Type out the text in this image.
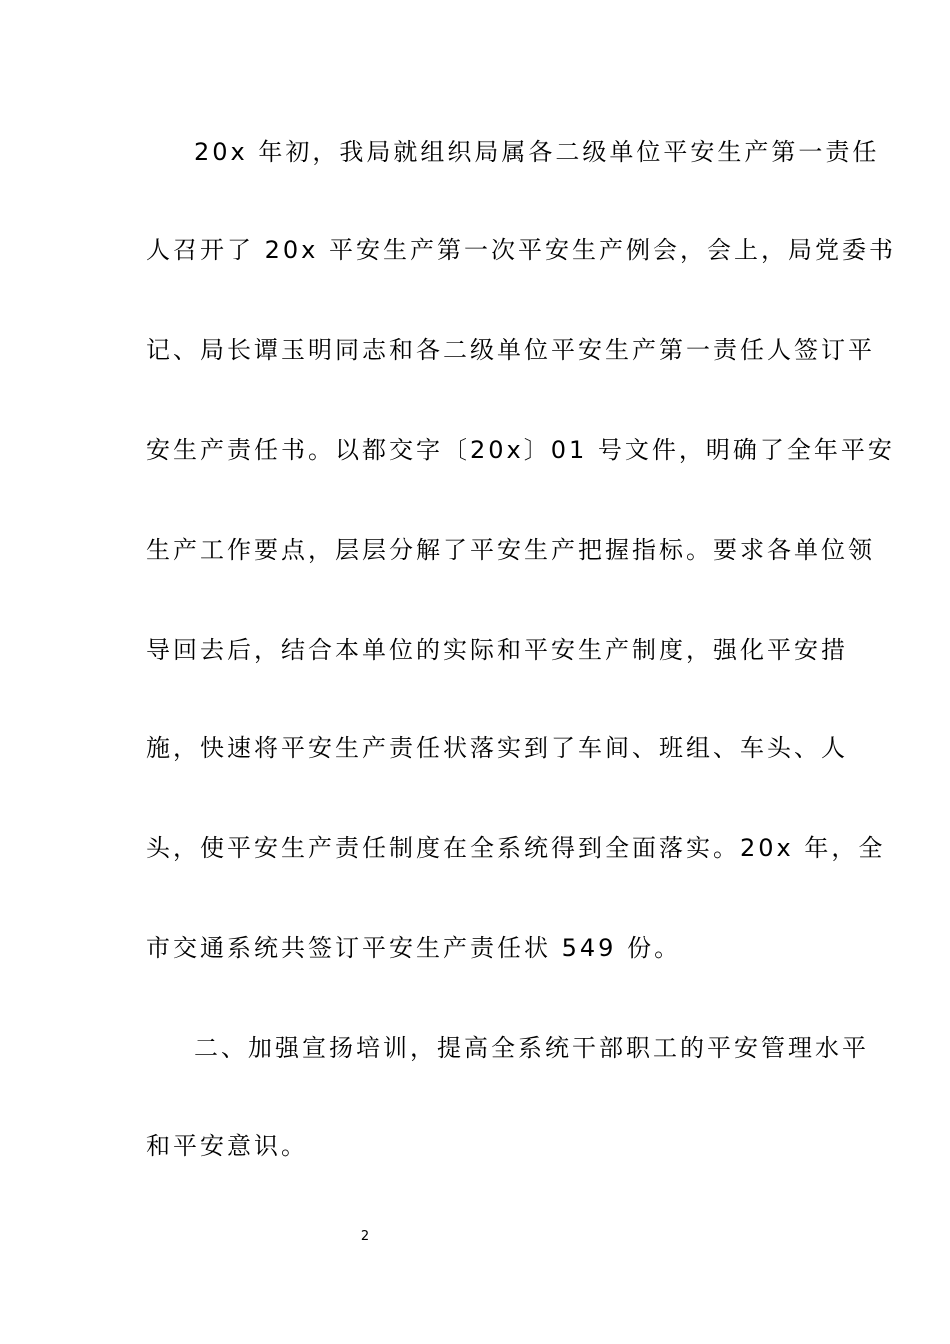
20x 年初，我局就组织局属各二级单位平安生产第一责任
人召开了 20x 平安生产第一次平安生产例会，会上，局党委书
记、局长谭玉明同志和各二级单位平安生产第一责任人签订平
安生产责任书。以都交字〔20x〕01 号文件，明确了全年平安
生产工作要点，层层分解了平安生产把握指标。要求各单位领
导回去后，结合本单位的实际和平安生产制度，强化平安措
施，快速将平安生产责任状落实到了车间、班组、车头、人
头，使平安生产责任制度在全系统得到全面落实。20x 年，全
市交通系统共签订平安生产责任状 549 份。
二、加强宣扬培训，提高全系统干部职工的平安管理水平
和平安意识。
2
